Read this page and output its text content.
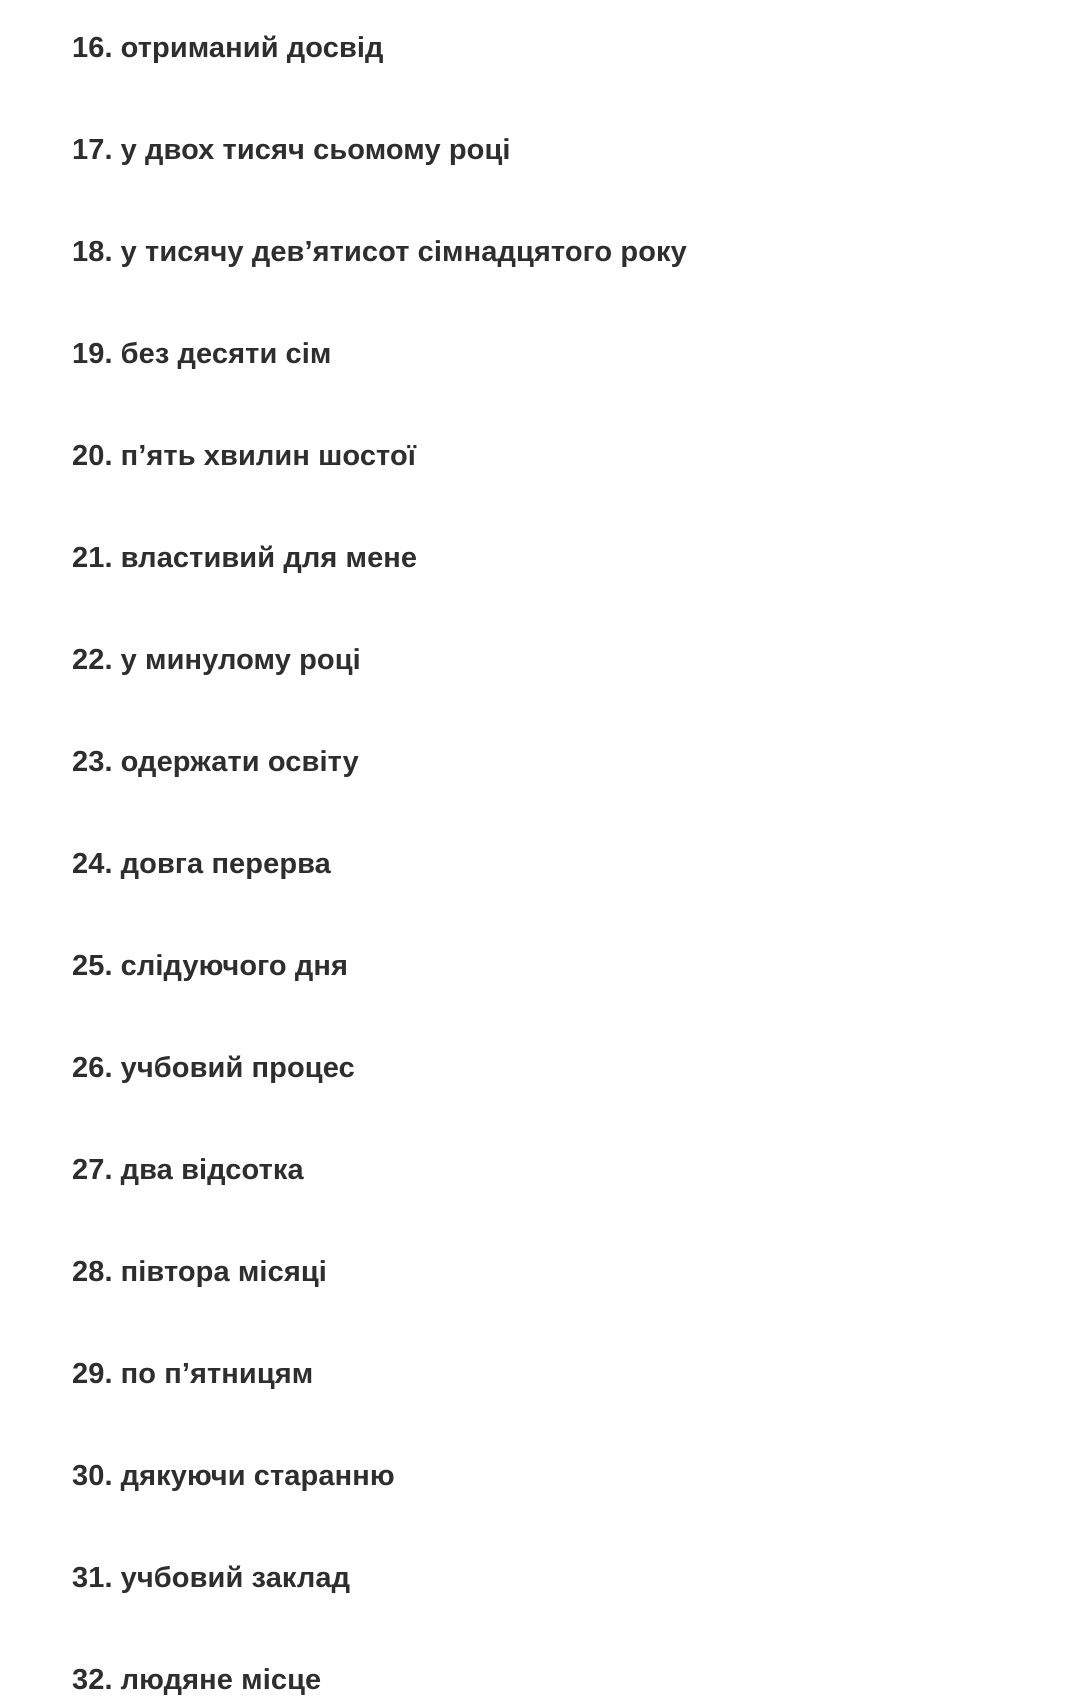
16. отриманий досвід
17. у двох тисяч сьомому році
18. у тисячу дев’ятисот сімнадцятого року
19. без десяти сім
20. п’ять хвилин шостої
21. властивий для мене
22. у минулому році
23. одержати освіту
24. довга перерва
25. слідуючого дня
26. учбовий процес
27. два відсотка
28. півтора місяці
29. по п’ятницям
30. дякуючи старанню
31. учбовий заклад
32. людяне місце
